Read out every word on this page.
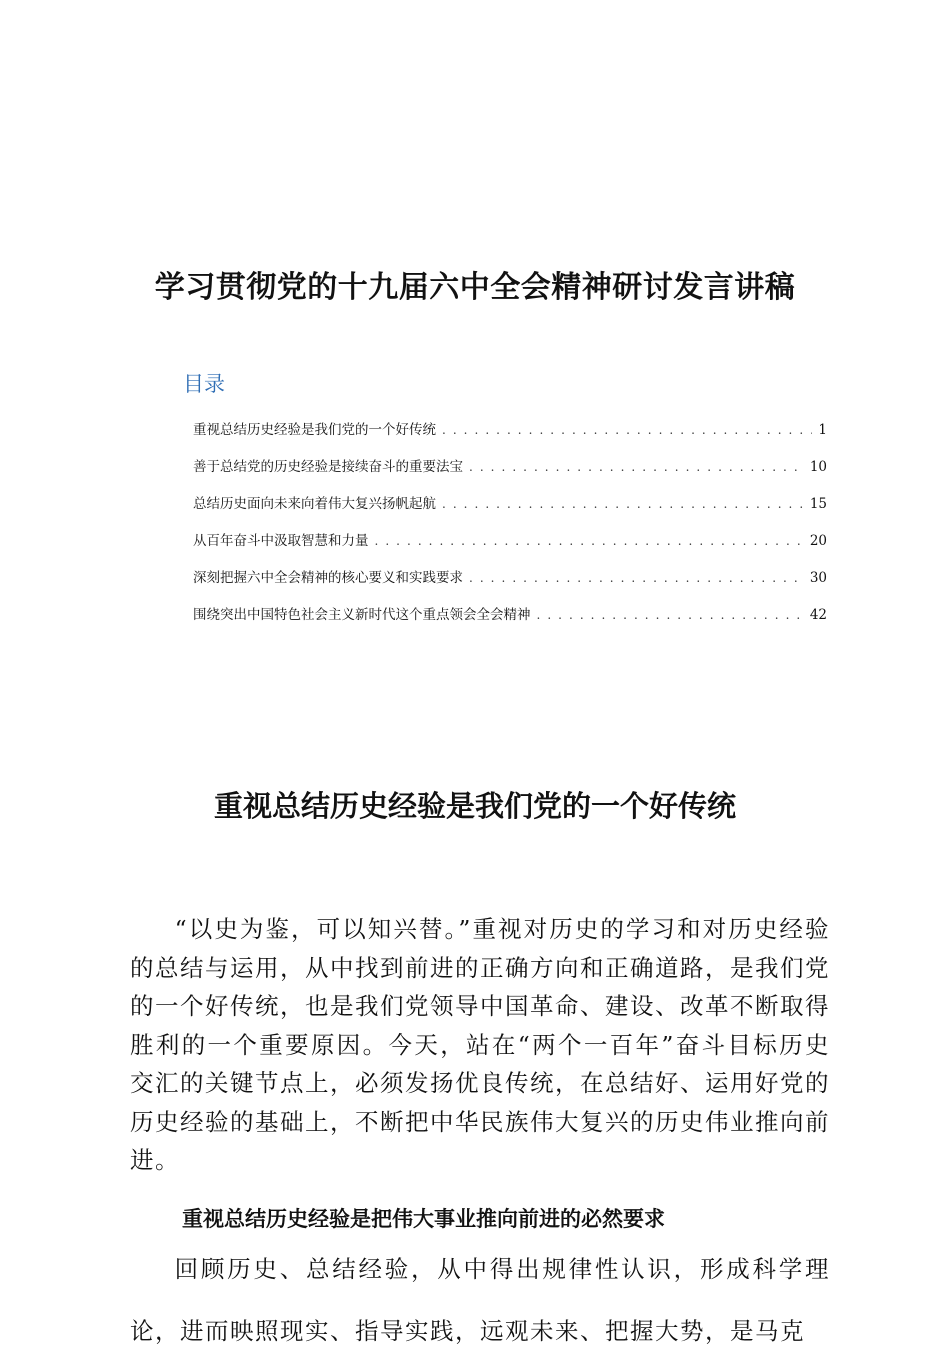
学习贯彻党的十九届六中全会精神研讨发言讲稿
目录
重视总结历史经验是我们党的一个好传统 . . .	1
善于总结党的历史经验是接续奋斗的重要法宝 . . .	10
总结历史面向未来向着伟大复兴扬帆起航 . . .	15
从百年奋斗中汲取智慧和力量 . . .	20
深刻把握六中全会精神的核心要义和实践要求 . . .	30
围绕突出中国特色社会主义新时代这个重点领会全会精神 . . .	42
重视总结历史经验是我们党的一个好传统

“以史为鉴，可以知兴替。”重视对历史的学习和对历史经验的总结与运用，从中找到前进的正确方向和正确道路，是我们党的一个好传统，也是我们党领导中国革命、建设、改革不断取得胜利的一个重要原因。今天，站在“两个一百年”奋斗目标历史交汇的关键节点上，必须发扬优良传统，在总结好、运用好党的历史经验的基础上，不断把中华民族伟大复兴的历史伟业推向前进。

重视总结历史经验是把伟大事业推向前进的必然要求

回顾历史、总结经验，从中得出规律性认识，形成科学理论，进而映照现实、指导实践，远观未来、把握大势，是马克
